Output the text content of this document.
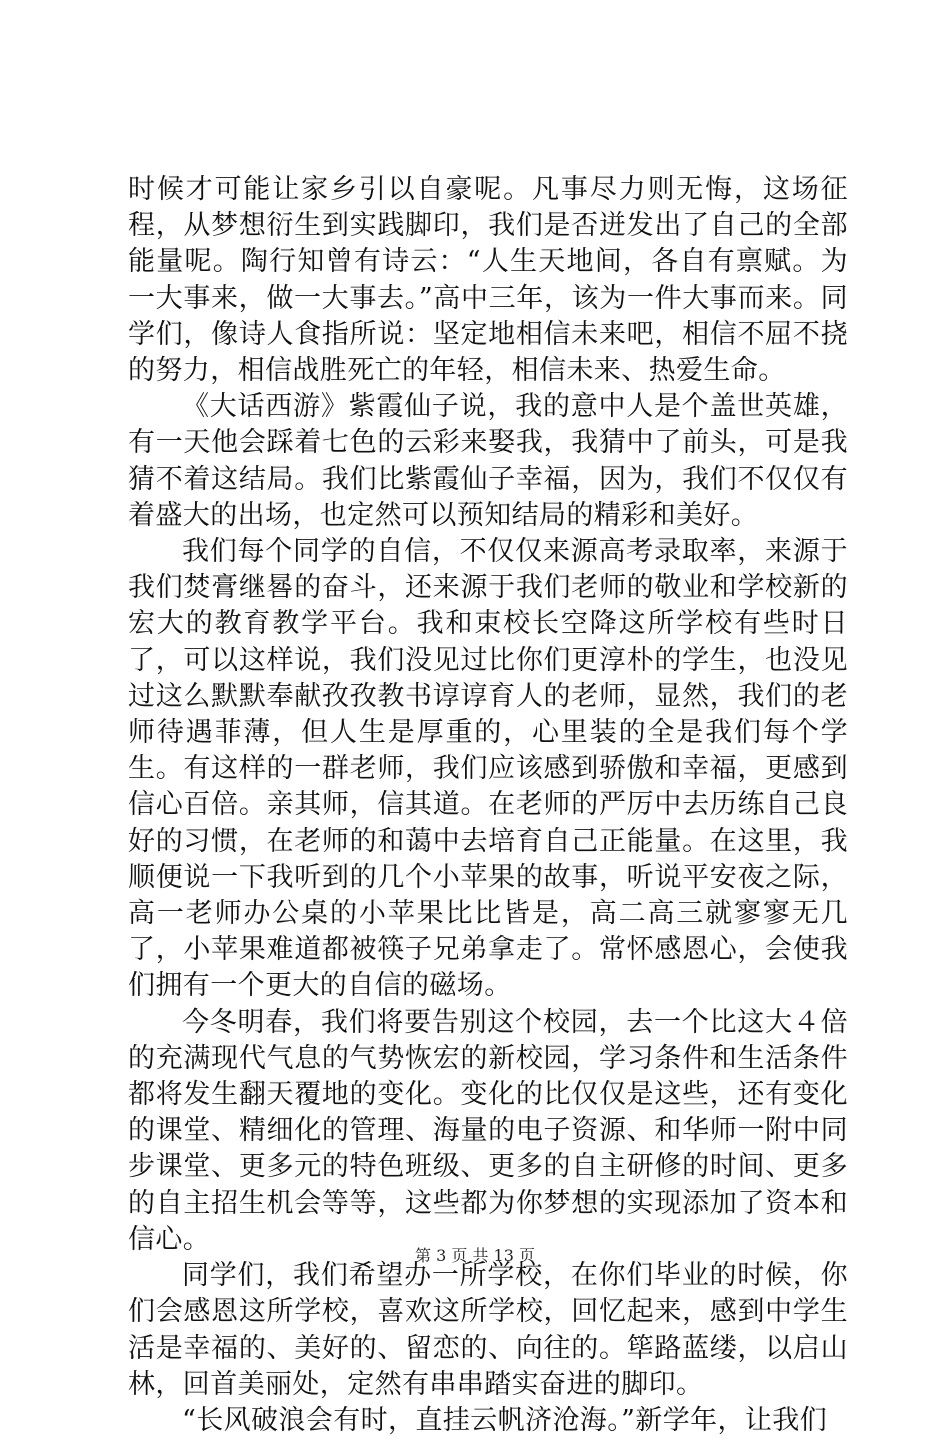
时候才可能让家乡引以自豪呢。凡事尽力则无悔，这场征程，从梦想衍生到实践脚印，我们是否迸发出了自己的全部能量呢。陶行知曾有诗云：“人生天地间，各自有禀赋。为一大事来，做一大事去。”高中三年，该为一件大事而来。同学们，像诗人食指所说：坚定地相信未来吧，相信不屈不挠的努力，相信战胜死亡的年轻，相信未来、热爱生命。

《大话西游》紫霞仙子说，我的意中人是个盖世英雄，有一天他会踩着七色的云彩来娶我，我猜中了前头，可是我猜不着这结局。我们比紫霞仙子幸福，因为，我们不仅仅有着盛大的出场，也定然可以预知结局的精彩和美好。

我们每个同学的自信，不仅仅来源高考录取率，来源于我们焚膏继晷的奋斗，还来源于我们老师的敬业和学校新的宏大的教育教学平台。我和束校长空降这所学校有些时日了，可以这样说，我们没见过比你们更淳朴的学生，也没见过这么默默奉献孜孜教书谆谆育人的老师，显然，我们的老师待遇菲薄，但人生是厚重的，心里装的全是我们每个学生。有这样的一群老师，我们应该感到骄傲和幸福，更感到信心百倍。亲其师，信其道。在老师的严厉中去历练自己良好的习惯，在老师的和蔼中去培育自己正能量。在这里，我顺便说一下我听到的几个小苹果的故事，听说平安夜之际，高一老师办公桌的小苹果比比皆是，高二高三就寥寥无几了，小苹果难道都被筷子兄弟拿走了。常怀感恩心，会使我们拥有一个更大的自信的磁场。

今冬明春，我们将要告别这个校园，去一个比这大４倍的充满现代气息的气势恢宏的新校园，学习条件和生活条件都将发生翻天覆地的变化。变化的比仅仅是这些，还有变化的课堂、精细化的管理、海量的电子资源、和华师一附中同步课堂、更多元的特色班级、更多的自主研修的时间、更多的自主招生机会等等，这些都为你梦想的实现添加了资本和信心。

同学们，我们希望办一所学校，在你们毕业的时候，你们会感恩这所学校，喜欢这所学校，回忆起来，感到中学生活是幸福的、美好的、留恋的、向往的。筚路蓝缕，以启山林，回首美丽处，定然有串串踏实奋进的脚印。

“长风破浪会有时，直挂云帆济沧海。”新学年，让我们

第 3 页 共 13 页
